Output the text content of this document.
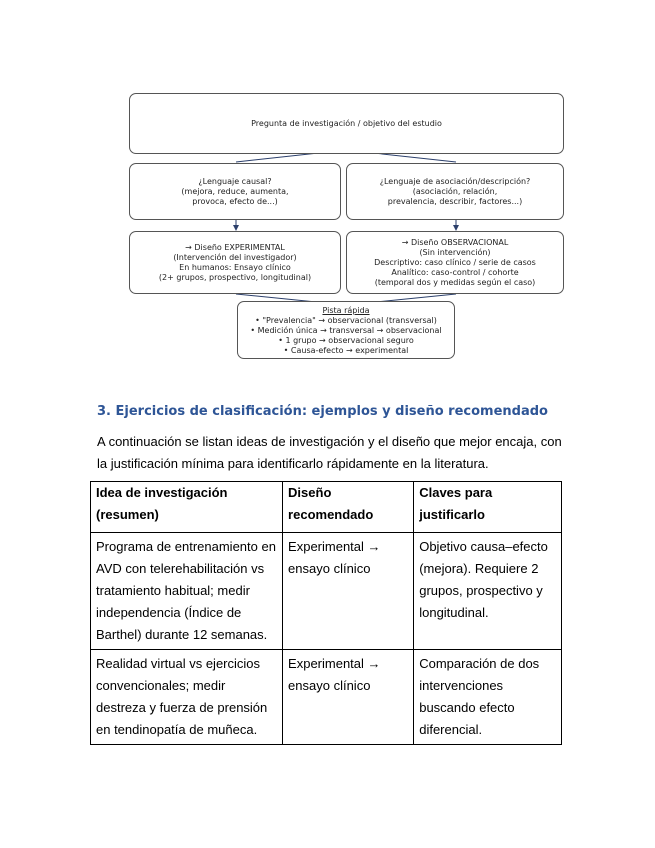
Pregunta de investigación / objetivo del estudio
¿Lenguaje causal?
(mejora, reduce, aumenta,
provoca, efecto de...)
¿Lenguaje de asociación/descripción?
(asociación, relación,
prevalencia, describir, factores...)
→ Diseño EXPERIMENTAL
(Intervención del investigador)
En humanos: Ensayo clínico
(2+ grupos, prospectivo, longitudinal)
→ Diseño OBSERVACIONAL
(Sin intervención)
Descriptivo: caso clínico / serie de casos
Analítico: caso-control / cohorte
(temporal dos y medidas según el caso)
Pista rápida
• "Prevalencia" → observacional (transversal)
• Medición única → transversal → observacional
• 1 grupo → observacional seguro
• Causa-efecto → experimental
3. Ejercicios de clasificación: ejemplos y diseño recomendado

A continuación se listan ideas de investigación y el diseño que mejor encaja, con la justificación mínima para identificarlo rápidamente en la literatura.

Idea de investigación (resumen)	Diseño recomendado	Claves para justificarlo
Programa de entrenamiento en AVD con telerehabilitación vs tratamiento habitual; medir independencia (Índice de Barthel) durante 12 semanas.	Experimental → ensayo clínico	Objetivo causa–efecto (mejora). Requiere 2 grupos, prospectivo y longitudinal.
Realidad virtual vs ejercicios convencionales; medir destreza y fuerza de prensión en tendinopatía de muñeca.	Experimental → ensayo clínico	Comparación de dos intervenciones buscando efecto diferencial.
